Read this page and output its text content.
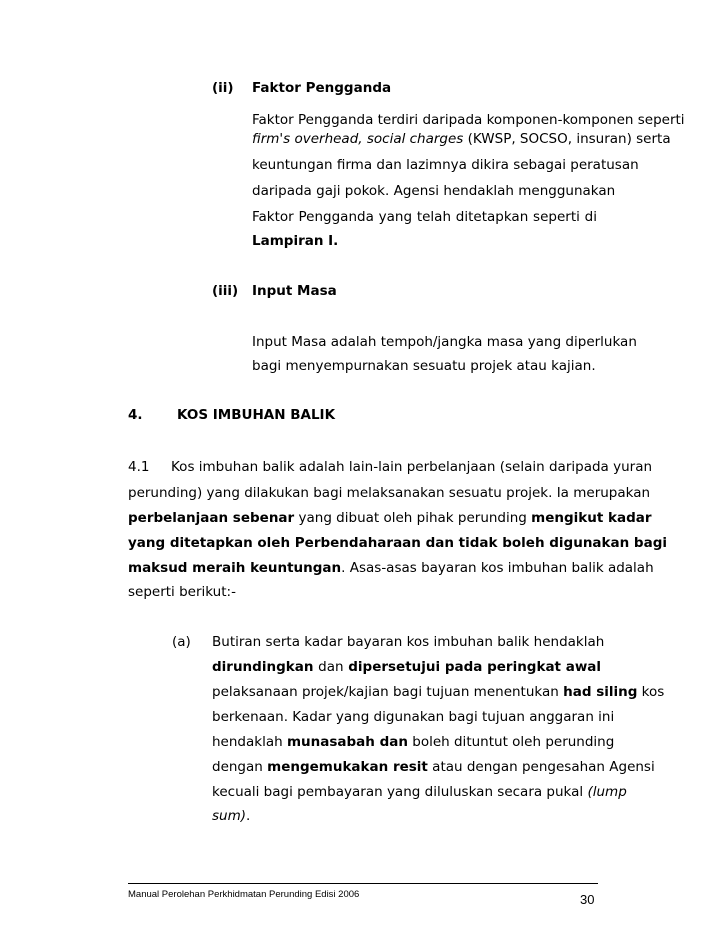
(ii) Faktor Pengganda
Faktor Pengganda terdiri daripada komponen-komponen seperti
firm's overhead, social charges (KWSP, SOCSO, insuran) serta
keuntungan firma dan lazimnya dikira sebagai peratusan
daripada gaji pokok. Agensi hendaklah menggunakan
Faktor Pengganda yang telah ditetapkan seperti di
Lampiran I.
(iii) Input Masa
Input Masa adalah tempoh/jangka masa yang diperlukan
bagi menyempurnakan sesuatu projek atau kajian.
4.	KOS IMBUHAN BALIK
4.1 Kos imbuhan balik adalah lain-lain perbelanjaan (selain daripada yuran
perunding) yang dilakukan bagi melaksanakan sesuatu projek. Ia merupakan
perbelanjaan sebenar yang dibuat oleh pihak perunding mengikut kadar
yang ditetapkan oleh Perbendaharaan dan tidak boleh digunakan bagi
maksud meraih keuntungan. Asas-asas bayaran kos imbuhan balik adalah
seperti berikut:-
(a) Butiran serta kadar bayaran kos imbuhan balik hendaklah
dirundingkan dan dipersetujui pada peringkat awal
pelaksanaan projek/kajian bagi tujuan menentukan had siling kos
berkenaan. Kadar yang digunakan bagi tujuan anggaran ini
hendaklah munasabah dan boleh dituntut oleh perunding
dengan mengemukakan resit atau dengan pengesahan Agensi
kecuali bagi pembayaran yang diluluskan secara pukal (lump
sum).
Manual Perolehan Perkhidmatan Perunding Edisi 2006	30
